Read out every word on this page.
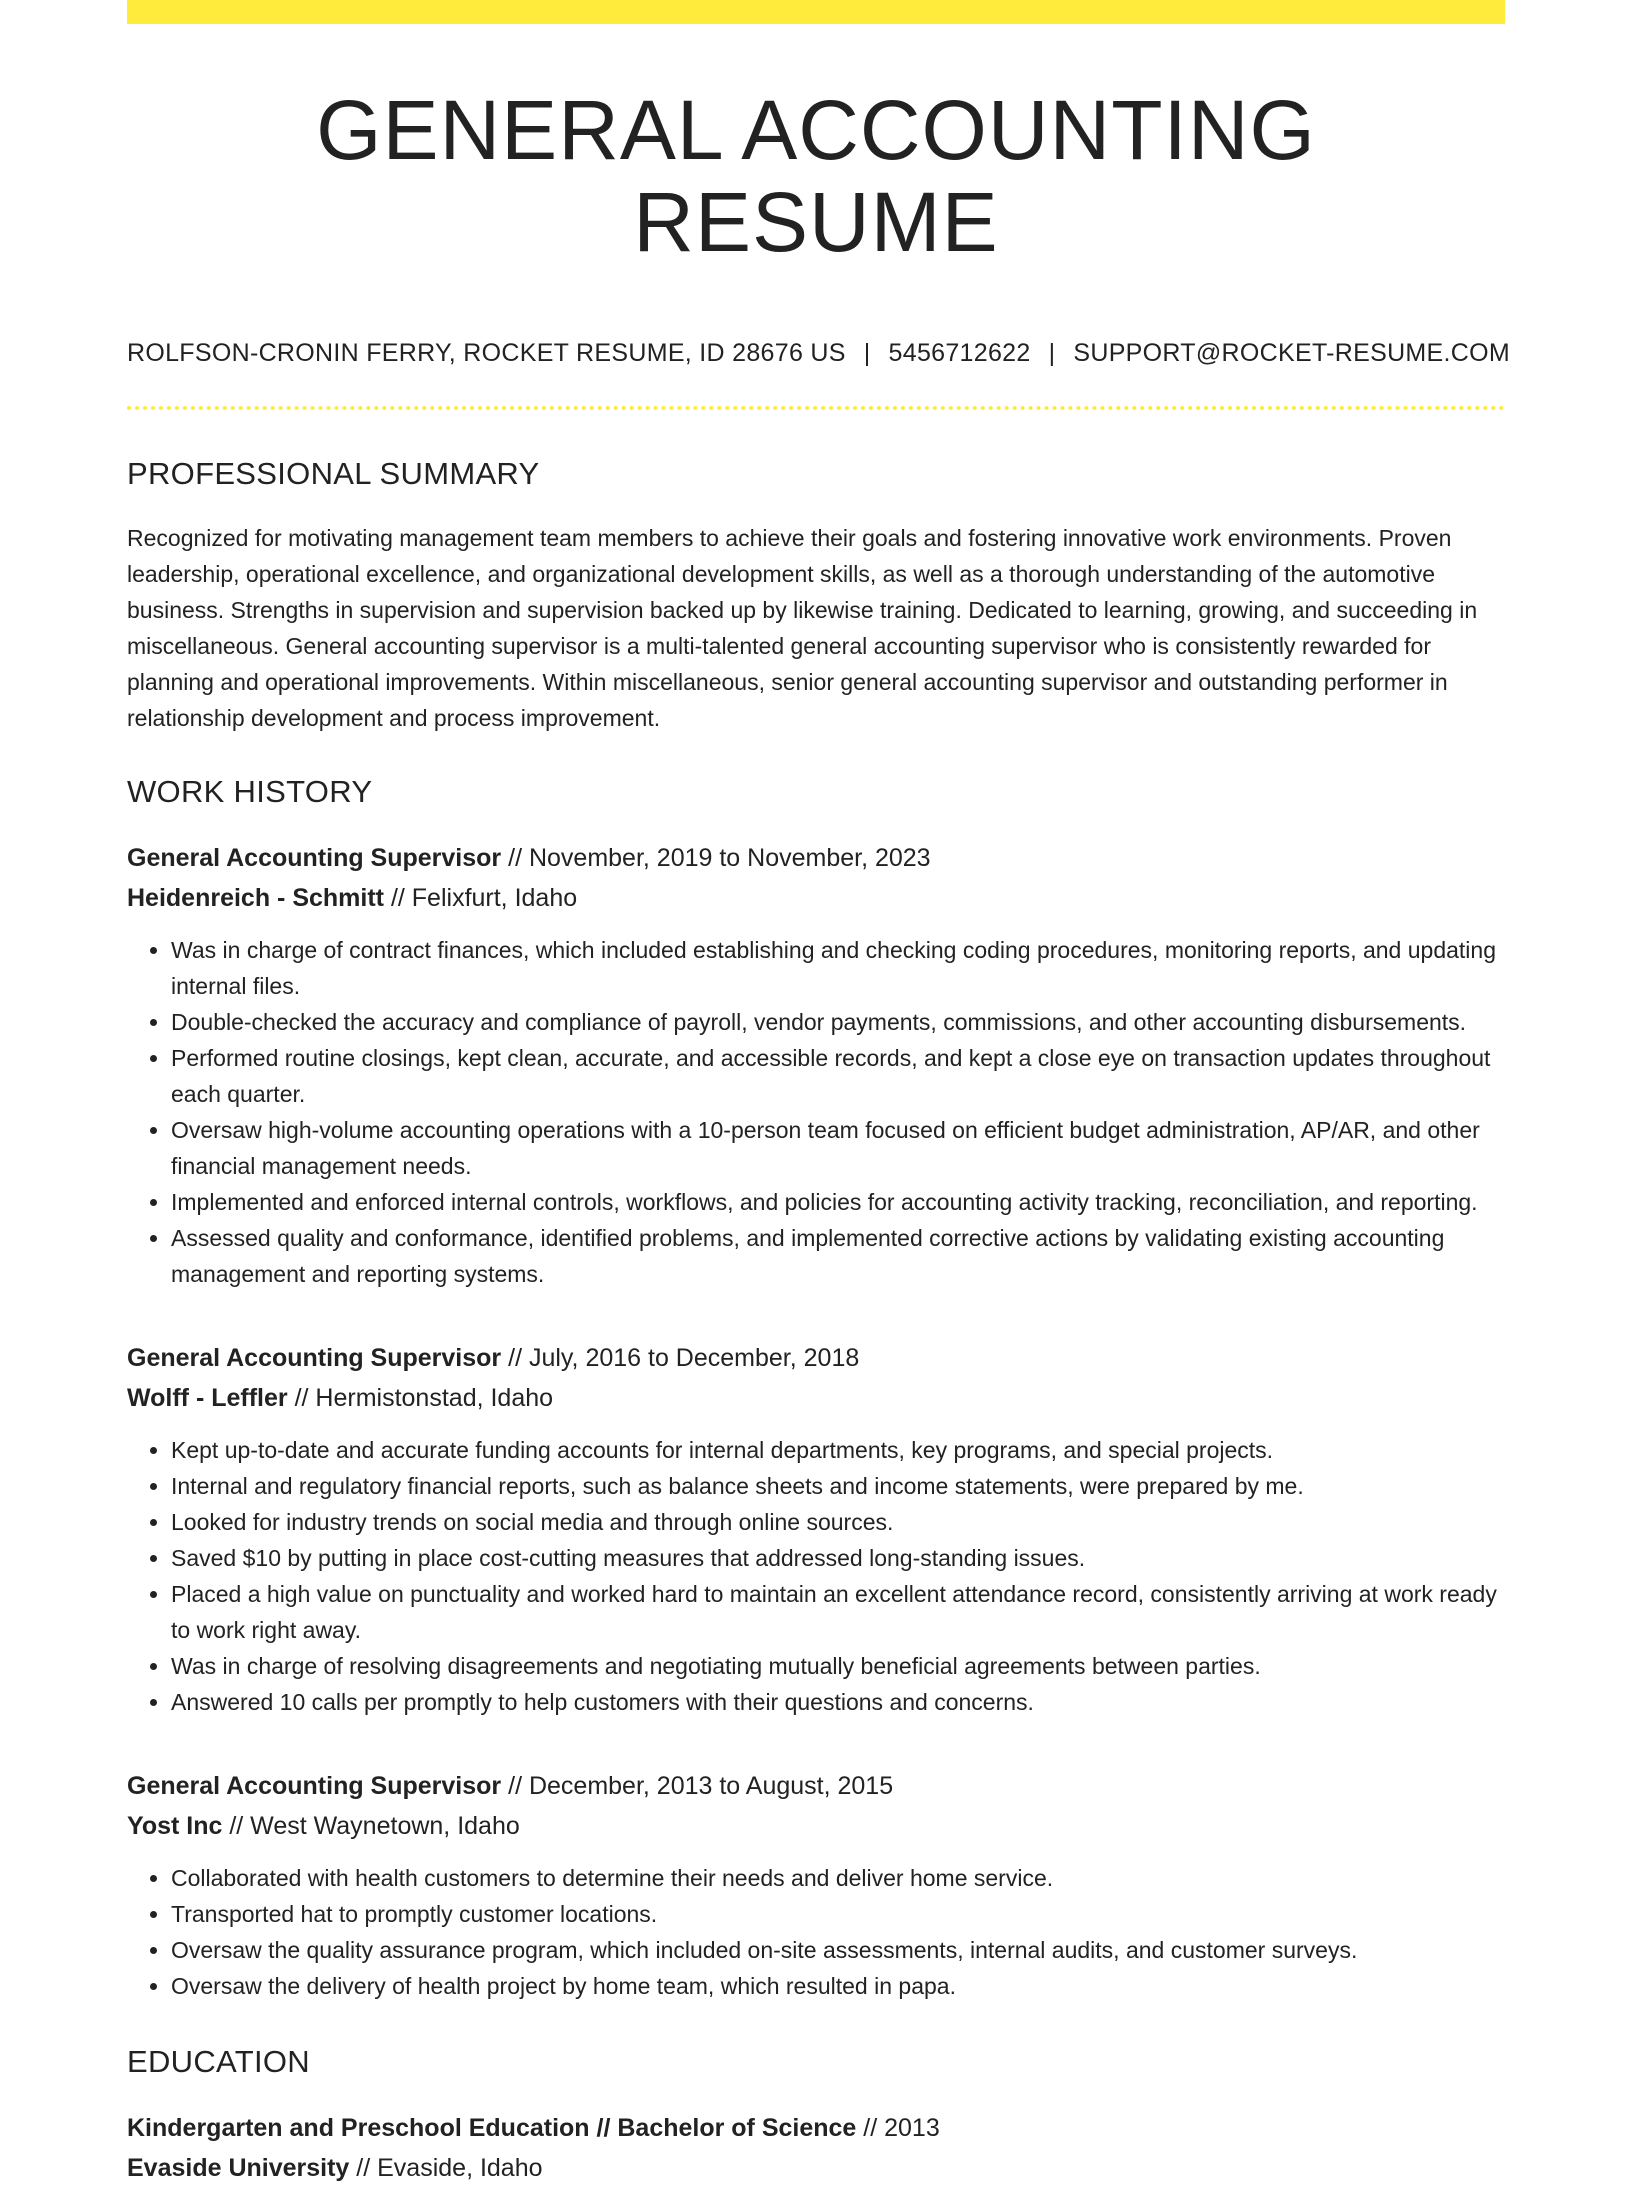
GENERAL ACCOUNTING RESUME
ROLFSON-CRONIN FERRY, ROCKET RESUME, ID 28676 US | 5456712622 | SUPPORT@ROCKET-RESUME.COM
PROFESSIONAL SUMMARY
Recognized for motivating management team members to achieve their goals and fostering innovative work environments. Proven leadership, operational excellence, and organizational development skills, as well as a thorough understanding of the automotive business. Strengths in supervision and supervision backed up by likewise training. Dedicated to learning, growing, and succeeding in miscellaneous. General accounting supervisor is a multi-talented general accounting supervisor who is consistently rewarded for planning and operational improvements. Within miscellaneous, senior general accounting supervisor and outstanding performer in relationship development and process improvement.
WORK HISTORY
General Accounting Supervisor // November, 2019 to November, 2023
Heidenreich - Schmitt // Felixfurt, Idaho
• Was in charge of contract finances, which included establishing and checking coding procedures, monitoring reports, and updating internal files.
• Double-checked the accuracy and compliance of payroll, vendor payments, commissions, and other accounting disbursements.
• Performed routine closings, kept clean, accurate, and accessible records, and kept a close eye on transaction updates throughout each quarter.
• Oversaw high-volume accounting operations with a 10-person team focused on efficient budget administration, AP/AR, and other financial management needs.
• Implemented and enforced internal controls, workflows, and policies for accounting activity tracking, reconciliation, and reporting.
• Assessed quality and conformance, identified problems, and implemented corrective actions by validating existing accounting management and reporting systems.
General Accounting Supervisor // July, 2016 to December, 2018
Wolff - Leffler // Hermistonstad, Idaho
• Kept up-to-date and accurate funding accounts for internal departments, key programs, and special projects.
• Internal and regulatory financial reports, such as balance sheets and income statements, were prepared by me.
• Looked for industry trends on social media and through online sources.
• Saved $10 by putting in place cost-cutting measures that addressed long-standing issues.
• Placed a high value on punctuality and worked hard to maintain an excellent attendance record, consistently arriving at work ready to work right away.
• Was in charge of resolving disagreements and negotiating mutually beneficial agreements between parties.
• Answered 10 calls per promptly to help customers with their questions and concerns.
General Accounting Supervisor // December, 2013 to August, 2015
Yost Inc // West Waynetown, Idaho
• Collaborated with health customers to determine their needs and deliver home service.
• Transported hat to promptly customer locations.
• Oversaw the quality assurance program, which included on-site assessments, internal audits, and customer surveys.
• Oversaw the delivery of health project by home team, which resulted in papa.
EDUCATION
Kindergarten and Preschool Education // Bachelor of Science // 2013
Evaside University // Evaside, Idaho
